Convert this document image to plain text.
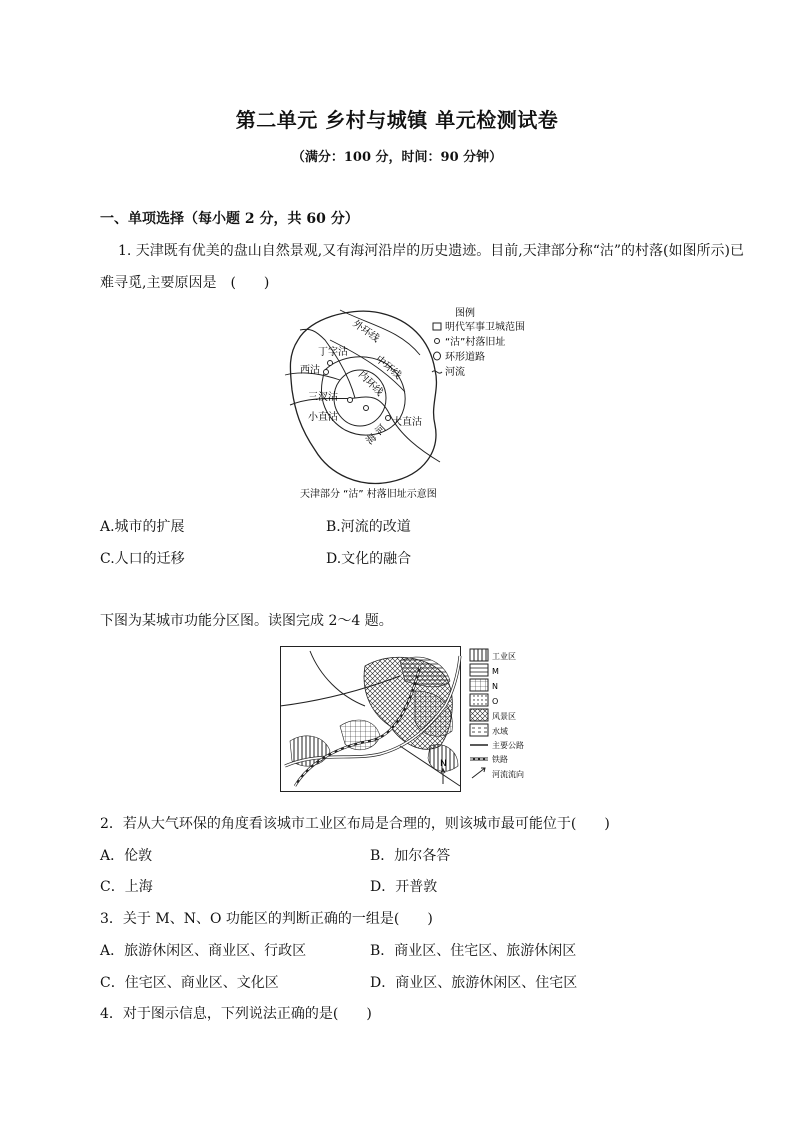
第二单元 乡村与城镇 单元检测试卷
（满分：100 分，时间：90 分钟）
一、单项选择（每小题 2 分，共 60 分）
1. 天津既有优美的盘山自然景观,又有海河沿岸的历史遗迹。目前,天津部分称“沽”的村落(如图所示)已
难寻觅,主要原因是　(　　)
外环线
中环线
内环线
丁字沽
西沽
三汊沽
小直沽	大直沽
海 河
图例
明代军事卫城范围
“沽”村落旧址
环形道路
河流
天津部分 “沽” 村落旧址示意图
A.城市的扩展	B.河流的改道
C.人口的迁移	D.文化的融合
下图为某城市功能分区图。读图完成 2～4 题。
N
工业区
M
N
O
风景区
水域
主要公路
铁路
河流流向
2．若从大气环保的角度看该城市工业区布局是合理的，则该城市最可能位于(　　)
A．伦敦	B．加尔各答
C．上海	D．开普敦
3．关于 M、N、O 功能区的判断正确的一组是(　　)
A．旅游休闲区、商业区、行政区	B．商业区、住宅区、旅游休闲区
C．住宅区、商业区、文化区	D．商业区、旅游休闲区、住宅区
4．对于图示信息，下列说法正确的是(　　)
